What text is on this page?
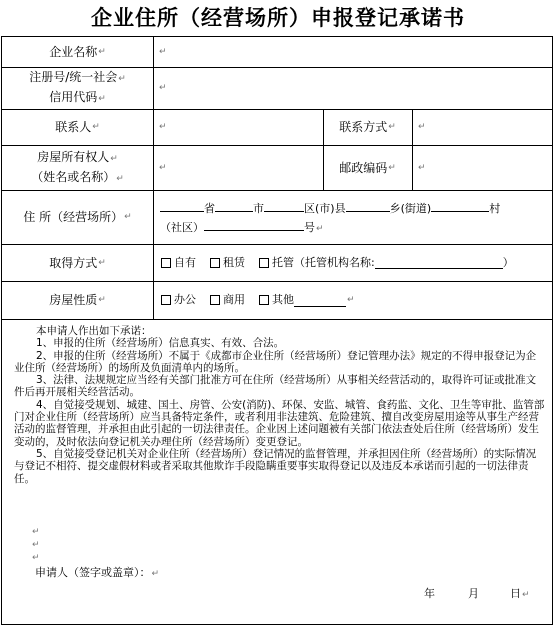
企业住所（经营场所）申报登记承诺书
企业名称 ↵	↵
注册号/统一社会↵
信用代码↵
↵
联系人 ↵	↵	联系方式 ↵ ↵
房屋所有权人↵
（姓名或名称）↵
↵	邮政编码 ↵ ↵
住 所（经营场所） ↵
省	市	区(市)县	乡(街道)	村
（社区）	号↵
取得方式 ↵	自有 租赁 托管（托管机构名称:	）
房屋性质 ↵	办公 商用 其他	↵

本申请人作出如下承诺：

1、申报的住所（经营场所）信息真实、有效、合法。

2、申报的住所（经营场所）不属于《成都市企业住所（经营场所）登记管理办法》规定的不得申报登记为企业住所（经营场所）的场所及负面清单内的场所。

3、法律、法规规定应当经有关部门批准方可在住所（经营场所）从事相关经营活动的，取得许可证或批准文件后再开展相关经营活动。

4、自觉接受规划、城建、国土、房管、公安(消防)、环保、安监、城管、食药监、文化、卫生等审批、监管部门对企业住所（经营场所）应当具备特定条件，或者利用非法建筑、危险建筑、擅自改变房屋用途等从事生产经营活动的监督管理，并承担由此引起的一切法律责任。企业因上述问题被有关部门依法查处后住所（经营场所）发生变动的，及时依法向登记机关办理住所（经营场所）变更登记。

5、自觉接受登记机关对企业住所（经营场所）登记情况的监督管理，并承担因住所（经营场所）的实际情况与登记不相符、提交虚假材料或者采取其他欺诈手段隐瞒重要事实取得登记以及违反本承诺而引起的一切法律责任。

↵
↵
↵
申请人（签字或盖章）：↵
年	月	日↵
